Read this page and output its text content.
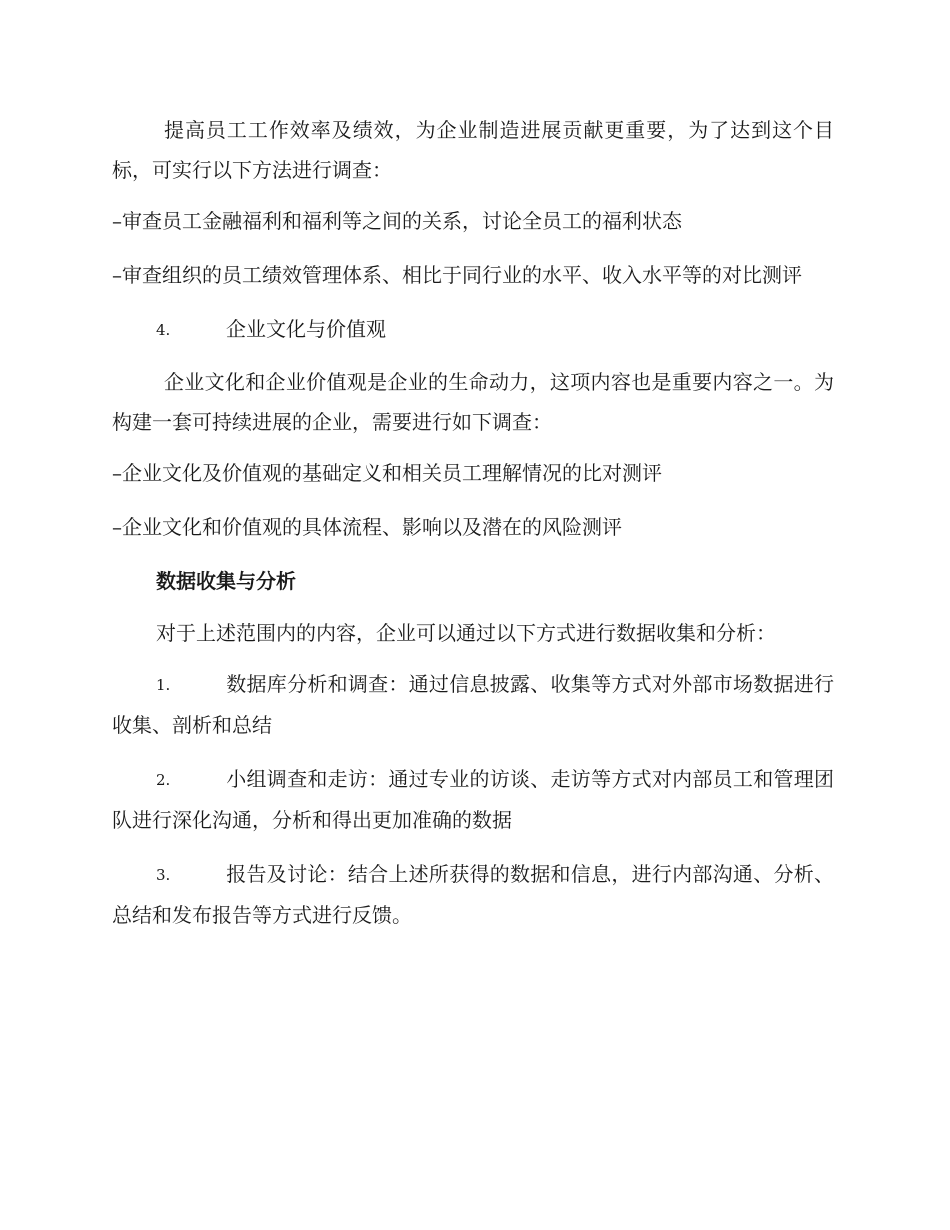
提高员工工作效率及绩效，为企业制造进展贡献更重要，为了达到这个目标，可实行以下方法进行调查：

–审查员工金融福利和福利等之间的关系，讨论全员工的福利状态

–审查组织的员工绩效管理体系、相比于同行业的水平、收入水平等的对比测评

4.	企业文化与价值观

企业文化和企业价值观是企业的生命动力，这项内容也是重要内容之一。为构建一套可持续进展的企业，需要进行如下调查：

–企业文化及价值观的基础定义和相关员工理解情况的比对测评

–企业文化和价值观的具体流程、影响以及潜在的风险测评

数据收集与分析

对于上述范围内的内容，企业可以通过以下方式进行数据收集和分析：

1.	数据库分析和调查：通过信息披露、收集等方式对外部市场数据进行收集、剖析和总结

2.	小组调查和走访：通过专业的访谈、走访等方式对内部员工和管理团队进行深化沟通，分析和得出更加准确的数据

3.	报告及讨论：结合上述所获得的数据和信息，进行内部沟通、分析、总结和发布报告等方式进行反馈。
